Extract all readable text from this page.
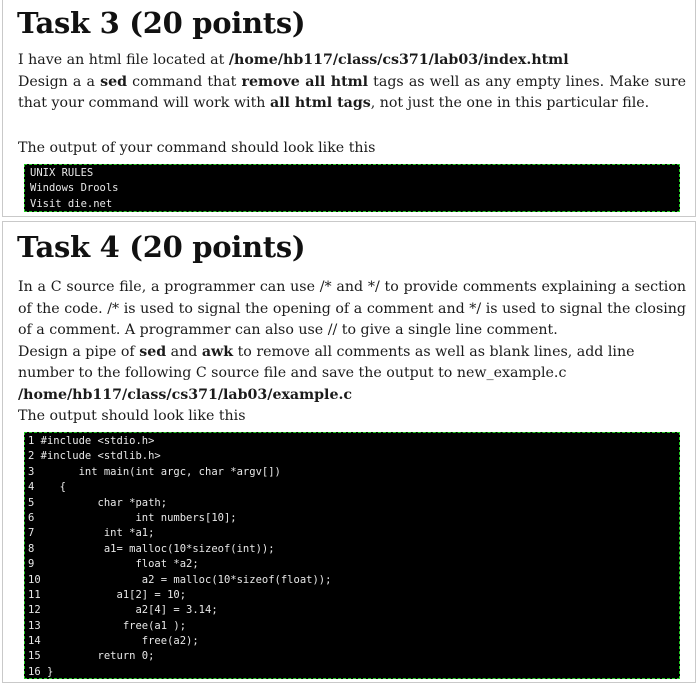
Task 3 (20 points)

I have an html file located at /home/hb117/class/cs371/lab03/index.html

Design a a sed command that remove all html tags as well as any empty lines. Make sure that your command will work with all html tags, not just the one in this particular file.

The output of your command should look like this
UNIX RULES
Windows Drools
Visit die.net
Task 4 (20 points)

In a C source file, a programmer can use /* and */ to provide comments explaining a section of the code. /* is used to signal the opening of a comment and */ is used to signal the closing of a comment. A programmer can also use // to give a single line comment.

Design a pipe of sed and awk to remove all comments as well as blank lines, add line number to the following C source file and save the output to new_example.c

/home/hb117/class/cs371/lab03/example.c

The output should look like this

1 #include <stdio.h>
2 #include <stdlib.h>
3       int main(int argc, char *argv[])
4    {
5          char *path;
6                int numbers[10];
7           int *a1;
8           a1= malloc(10*sizeof(int));
9                float *a2;
10                a2 = malloc(10*sizeof(float));
11            a1[2] = 10;
12               a2[4] = 3.14;
13             free(a1 );
14                free(a2);
15         return 0;
16 }
